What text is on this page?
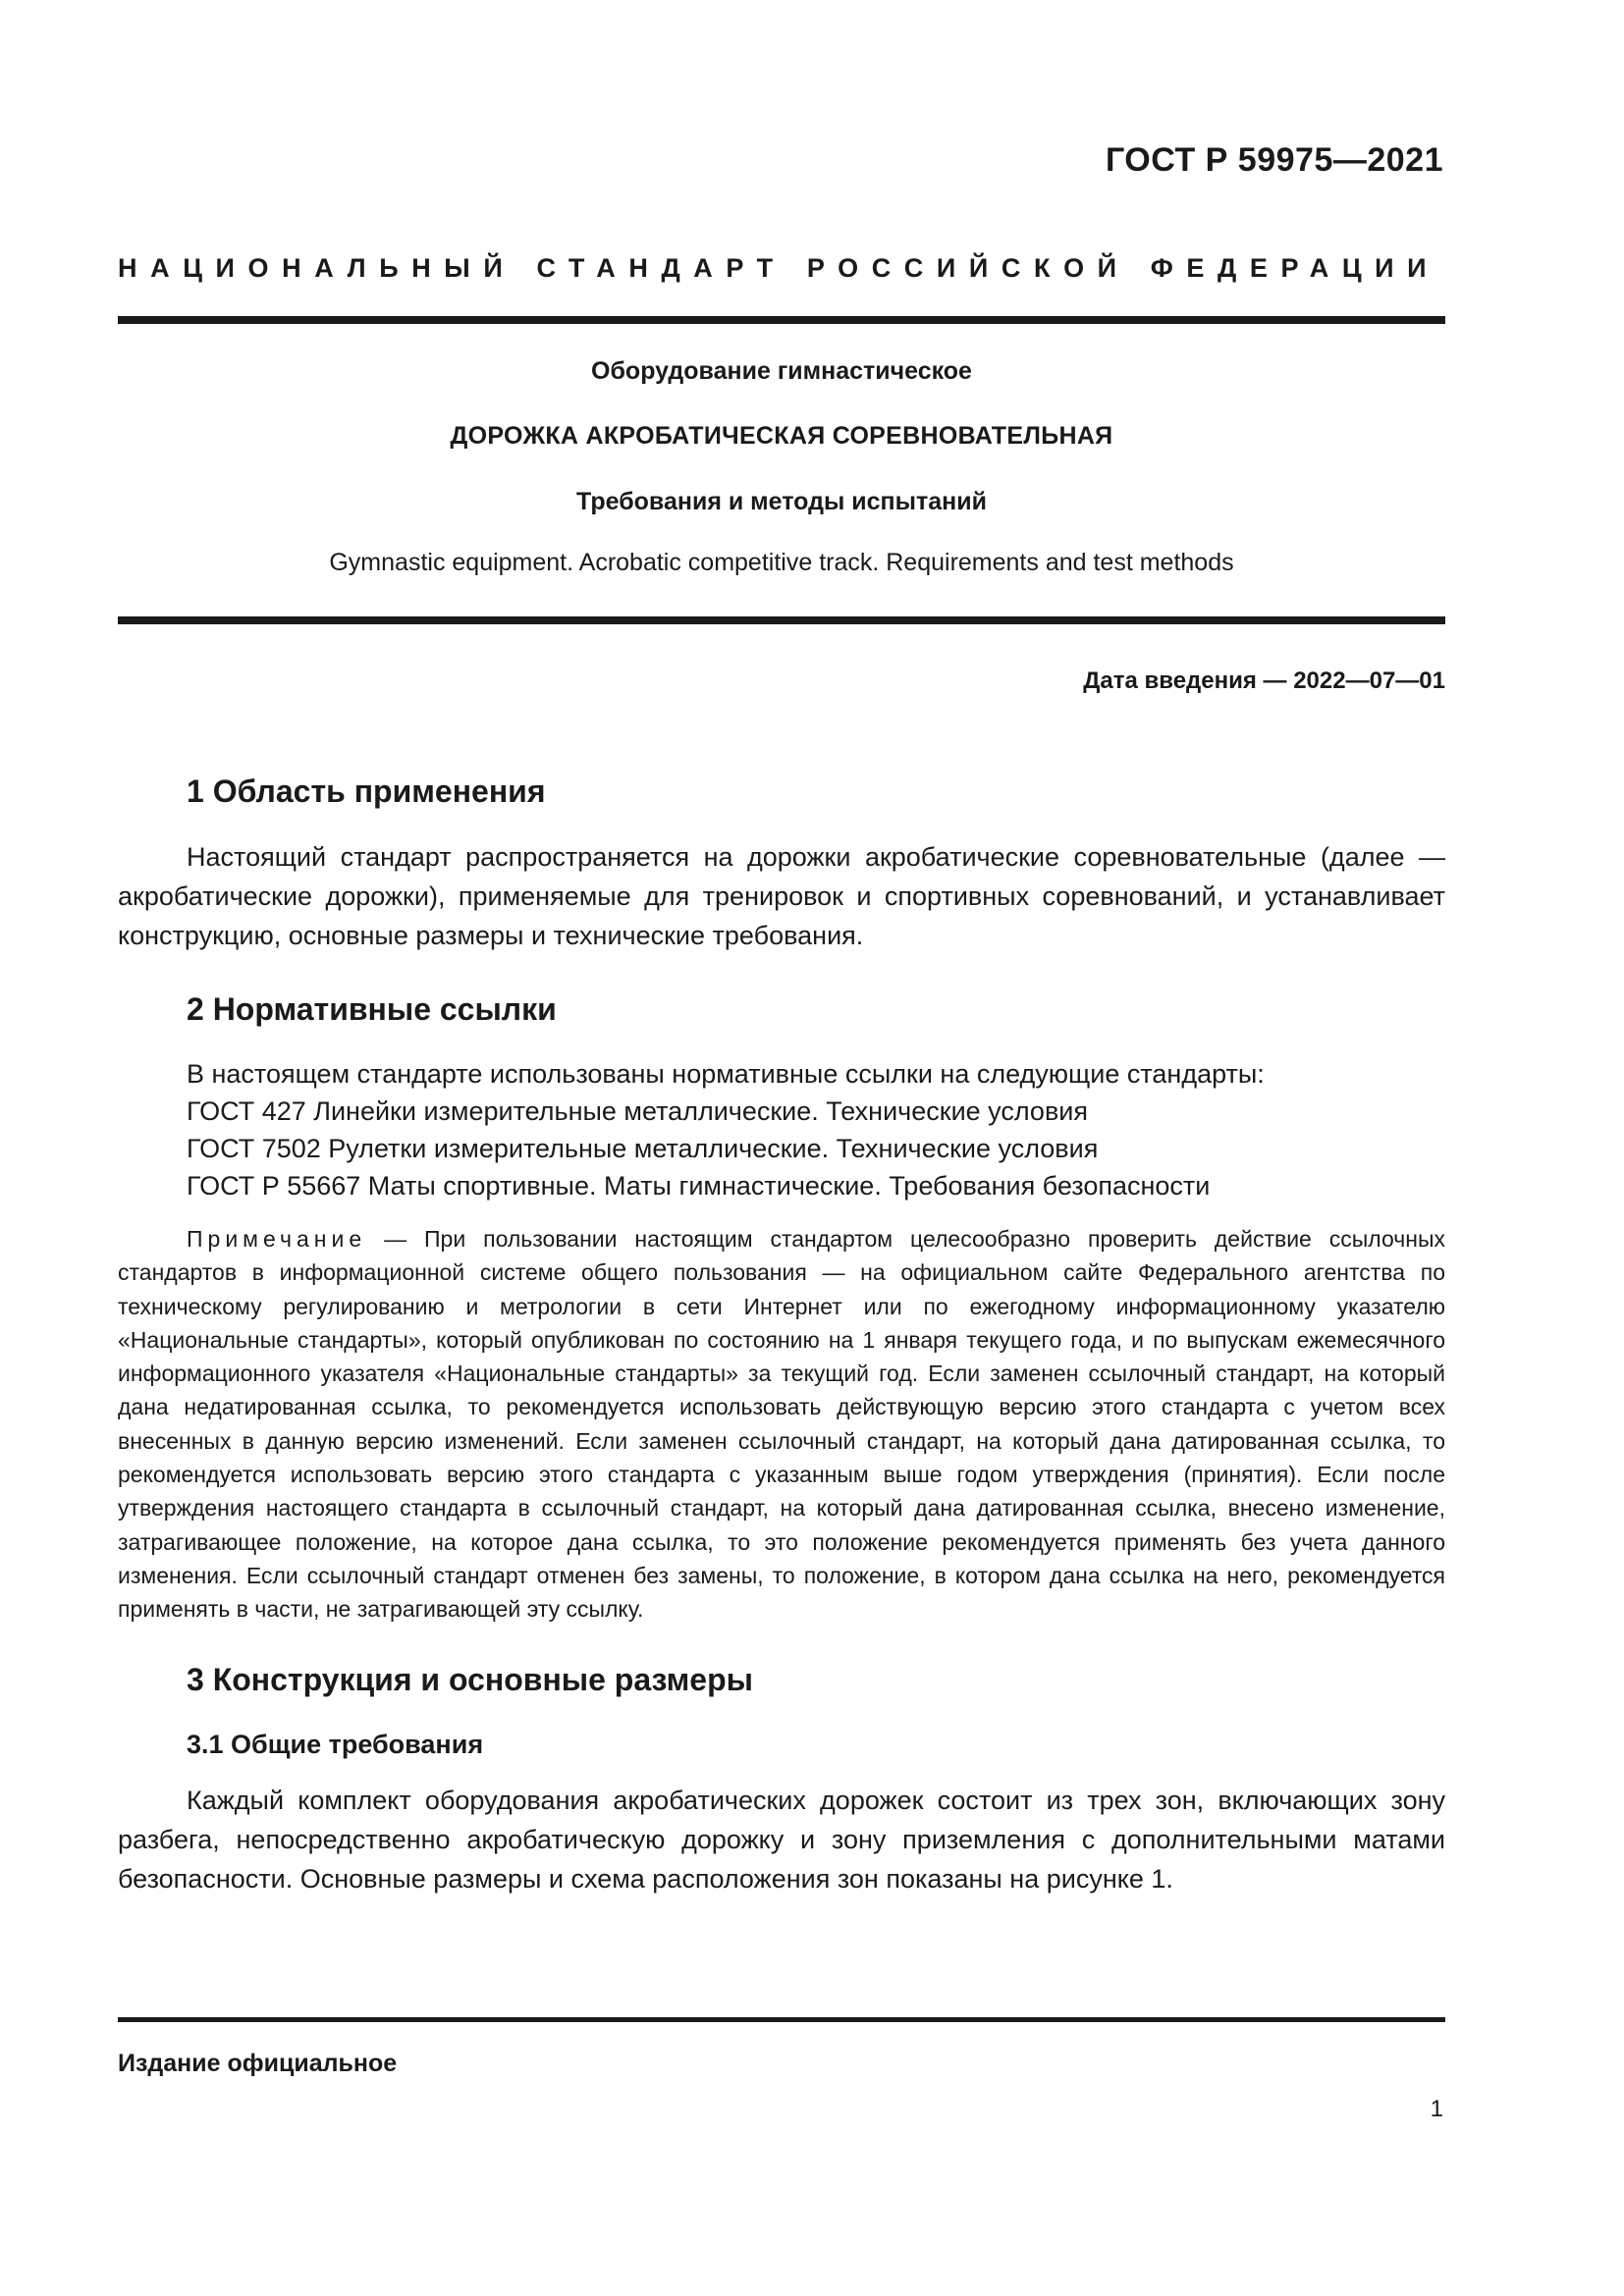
ГОСТ Р 59975—2021
НАЦИОНАЛЬНЫЙ СТАНДАРТ РОССИЙСКОЙ ФЕДЕРАЦИИ
Оборудование гимнастическое
ДОРОЖКА АКРОБАТИЧЕСКАЯ СОРЕВНОВАТЕЛЬНАЯ
Требования и методы испытаний
Gymnastic equipment. Acrobatic competitive track. Requirements and test methods
Дата введения — 2022—07—01
1 Область применения

Настоящий стандарт распространяется на дорожки акробатические соревновательные (далее — акробатические дорожки), применяемые для тренировок и спортивных соревнований, и устанавливает конструкцию, основные размеры и технические требования.

2 Нормативные ссылки
В настоящем стандарте использованы нормативные ссылки на следующие стандарты:
ГОСТ 427 Линейки измерительные металлические. Технические условия
ГОСТ 7502 Рулетки измерительные металлические. Технические условия
ГОСТ Р 55667 Маты спортивные. Маты гимнастические. Требования безопасности

Примечание — При пользовании настоящим стандартом целесообразно проверить действие ссылочных стандартов в информационной системе общего пользования — на официальном сайте Федерального агентства по техническому регулированию и метрологии в сети Интернет или по ежегодному информационному указателю «Национальные стандарты», который опубликован по состоянию на 1 января текущего года, и по выпускам ежемесячного информационного указателя «Национальные стандарты» за текущий год. Если заменен ссылочный стандарт, на который дана недатированная ссылка, то рекомендуется использовать действующую версию этого стандарта с учетом всех внесенных в данную версию изменений. Если заменен ссылочный стандарт, на который дана датированная ссылка, то рекомендуется использовать версию этого стандарта с указанным выше годом утверждения (принятия). Если после утверждения настоящего стандарта в ссылочный стандарт, на который дана датированная ссылка, внесено изменение, затрагивающее положение, на которое дана ссылка, то это положение рекомендуется применять без учета данного изменения. Если ссылочный стандарт отменен без замены, то положение, в котором дана ссылка на него, рекомендуется применять в части, не затрагивающей эту ссылку.

3 Конструкция и основные размеры
3.1 Общие требования

Каждый комплект оборудования акробатических дорожек состоит из трех зон, включающих зону разбега, непосредственно акробатическую дорожку и зону приземления с дополнительными матами безопасности. Основные размеры и схема расположения зон показаны на рисунке 1.

Издание официальное
1
